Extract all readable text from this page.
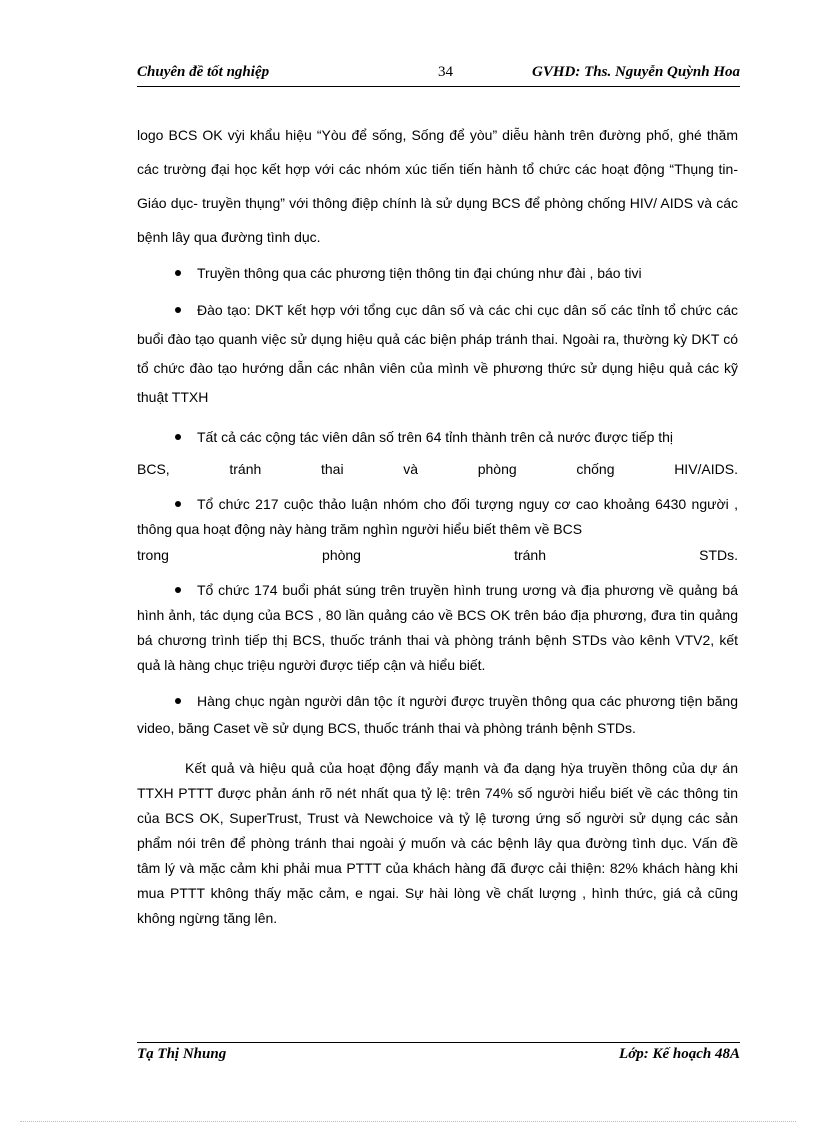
Chuyên đề tốt nghiệp	34	GVHD: Ths. Nguyễn Quỳnh Hoa

logo BCS OK vỳi khẩu hiệu “Yòu để sống, Sống để yòu” diễu hành trên đường phố, ghé thăm các trường đại học kết hợp với các nhóm xúc tiến tiến hành tổ chức các hoạt động “Thụng tin- Giáo dục- truyền thụng” với thông điệp chính là sử dụng BCS để phòng chống HIV/ AIDS và các bệnh lây qua đường tình dục.

Truyền thông qua các phương tiện thông tin đại chúng như đài , báo tivi

Đào tạo: DKT kết hợp với tổng cục dân số và các chi cục dân số các tỉnh tổ chức các buổi đào tạo quanh việc sử dụng hiệu quả các biện pháp tránh thai. Ngoài ra, thường kỳ DKT có tổ chức đào tạo hướng dẫn các nhân viên của mình về phương thức sử dụng hiệu quả các kỹ thuật TTXH

Tất cả các cộng tác viên dân số trên 64 tỉnh thành trên cả nước được tiếp thị

BCS, tránh thai và phòng chống HIV/AIDS.

Tổ chức 217 cuộc thảo luận nhóm cho đối tượng nguy cơ cao khoảng 6430 người , thông qua hoạt động này hàng trăm nghìn người hiểu biết thêm về BCS

trong phòng tránh STDs.

Tổ chức 174 buổi phát súng trên truyền hình trung ương và địa phương về quảng bá hình ảnh, tác dụng của BCS , 80 lần quảng cáo về BCS OK trên báo địa phương, đưa tin quảng bá chương trình tiếp thị BCS, thuốc tránh thai và phòng tránh bệnh STDs vào kênh VTV2, kết quả là hàng chục triệu người được tiếp cận và hiểu biết.

Hàng chục ngàn người dân tộc ít người được truyền thông qua các phương tiện băng video, băng Caset về sử dụng BCS, thuốc tránh thai và phòng tránh bệnh STDs.

Kết quả và hiệu quả của hoạt động đẩy mạnh và đa dạng hỳa truyền thông của dự án TTXH PTTT được phản ánh rõ nét nhất qua tỷ lệ: trên 74% số người hiểu biết về các thông tin của BCS OK, SuperTrust, Trust và Newchoice và tỷ lệ tương ứng số người sử dụng các sản phẩm nói trên để phòng tránh thai ngoài ý muốn và các bệnh lây qua đường tình dục. Vấn đề tâm lý và mặc cảm khi phải mua PTTT của khách hàng đã được cải thiện: 82% khách hàng khi mua PTTT không thấy mặc cảm, e ngai. Sự hài lòng về chất lượng , hình thức, giá cả cũng không ngừng tăng lên.

Tạ Thị Nhung	Lớp: Kế hoạch 48A
